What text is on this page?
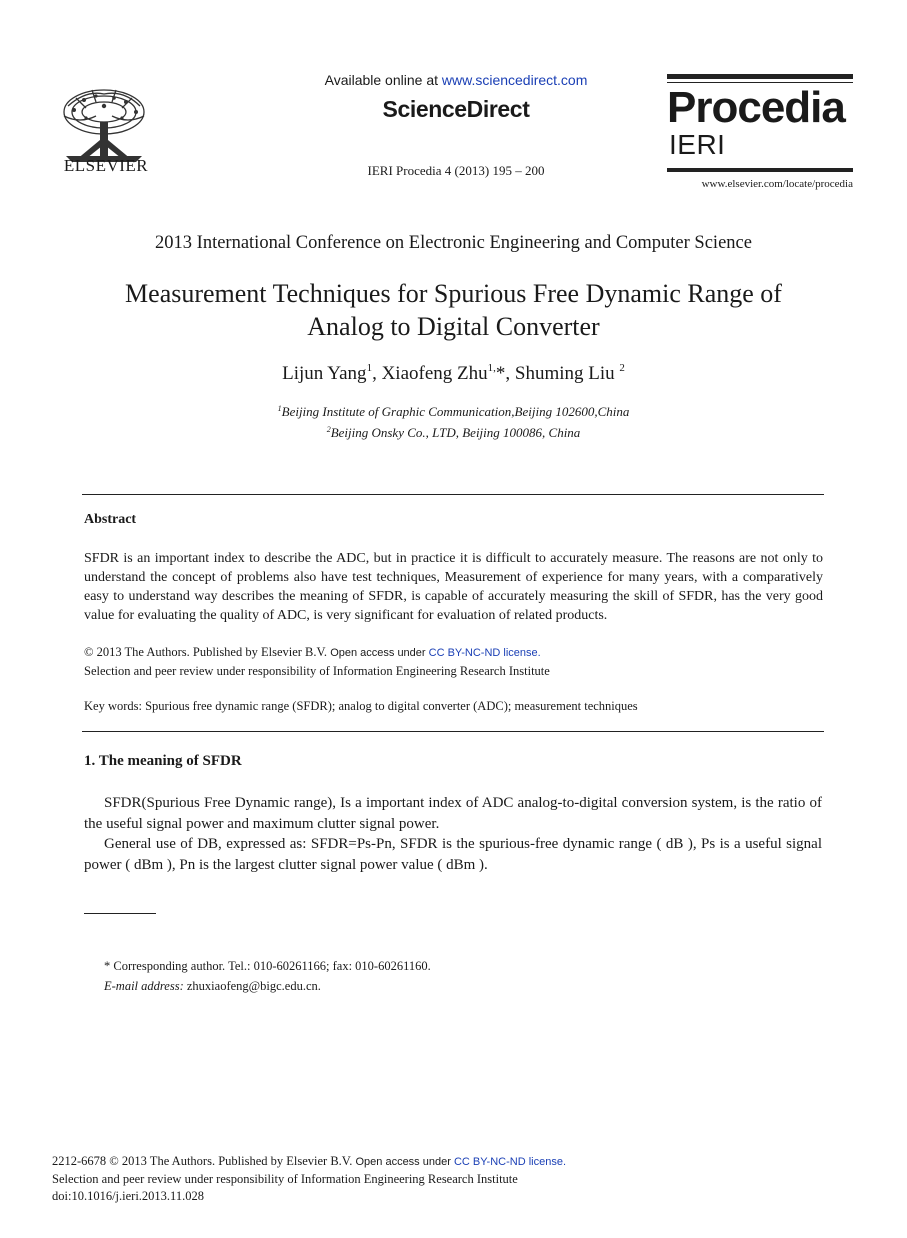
ELSEVIER
Available online at www.sciencedirect.com
ScienceDirect
IERI Procedia 4 (2013) 195 – 200
Procedia
IERI
www.elsevier.com/locate/procedia
2013 International Conference on Electronic Engineering and Computer Science
Measurement Techniques for Spurious Free Dynamic Range of
Analog to Digital Converter
Lijun Yang$^1$, Xiaofeng Zhu$^{1,}$*, Shuming Liu $^2$
$^1$Beijing Institute of Graphic Communication,Beijing 102600,China
$^2$Beijing Onsky Co., LTD, Beijing 100086, China
Abstract
SFDR is an important index to describe the ADC, but in practice it is difficult to accurately measure. The reasons are not only to understand the concept of problems also have test techniques, Measurement of experience for many years, with a comparatively easy to understand way describes the meaning of SFDR, is capable of accurately measuring the skill of SFDR, has the very good value for evaluating the quality of ADC, is very significant for evaluation of related products.
© 2013 The Authors. Published by Elsevier B.V. Open access under CC BY-NC-ND license.
Selection and peer review under responsibility of Information Engineering Research Institute
Key words: Spurious free dynamic range (SFDR); analog to digital converter (ADC); measurement techniques
1. The meaning of SFDR
SFDR(Spurious Free Dynamic range), Is a important index of ADC analog-to-digital conversion system, is the ratio of the useful signal power and maximum clutter signal power.
General use of DB, expressed as: SFDR=Ps-Pn, SFDR is the spurious-free dynamic range ( dB ), Ps is a useful signal power ( dBm ), Pn is the largest clutter signal power value ( dBm ).
* Corresponding author. Tel.: 010-60261166; fax: 010-60261160.
E-mail address: zhuxiaofeng@bigc.edu.cn.
2212-6678 © 2013 The Authors. Published by Elsevier B.V. Open access under CC BY-NC-ND license.
Selection and peer review under responsibility of Information Engineering Research Institute
doi:10.1016/j.ieri.2013.11.028
